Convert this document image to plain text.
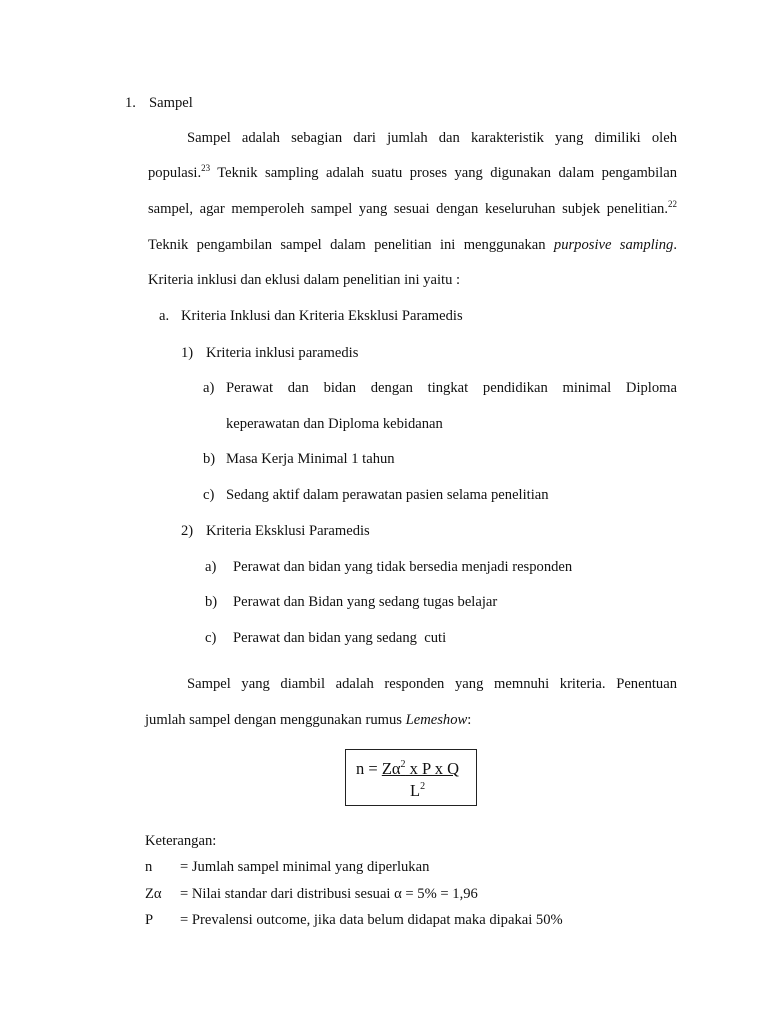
1. Sampel
Sampel adalah sebagian dari jumlah dan karakteristik yang dimiliki oleh
populasi.$^{23}$ Teknik sampling adalah suatu proses yang digunakan dalam pengambilan
sampel, agar memperoleh sampel yang sesuai dengan keseluruhan subjek penelitian.$^{22}$
Teknik pengambilan sampel dalam penelitian ini menggunakan purposive sampling.
Kriteria inklusi dan eklusi dalam penelitian ini yaitu :
a. Kriteria Inklusi dan Kriteria Eksklusi Paramedis
1) Kriteria inklusi paramedis
a) Perawat dan bidan dengan tingkat pendidikan minimal Diploma
keperawatan dan Diploma kebidanan
b) Masa Kerja Minimal 1 tahun
c) Sedang aktif dalam perawatan pasien selama penelitian
2) Kriteria Eksklusi Paramedis
a) Perawat dan bidan yang tidak bersedia menjadi responden
b) Perawat dan Bidan yang sedang tugas belajar
c) Perawat dan bidan yang sedang  cuti
Sampel yang diambil adalah responden yang memnuhi kriteria. Penentuan
jumlah sampel dengan menggunakan rumus Lemeshow:
$n = Z\alpha^2$ x P x Q
$L^2$
Keterangan:
n = Jumlah sampel minimal yang diperlukan
Zα = Nilai standar dari distribusi sesuai α = 5% = 1,96
P = Prevalensi outcome, jika data belum didapat maka dipakai 50%
